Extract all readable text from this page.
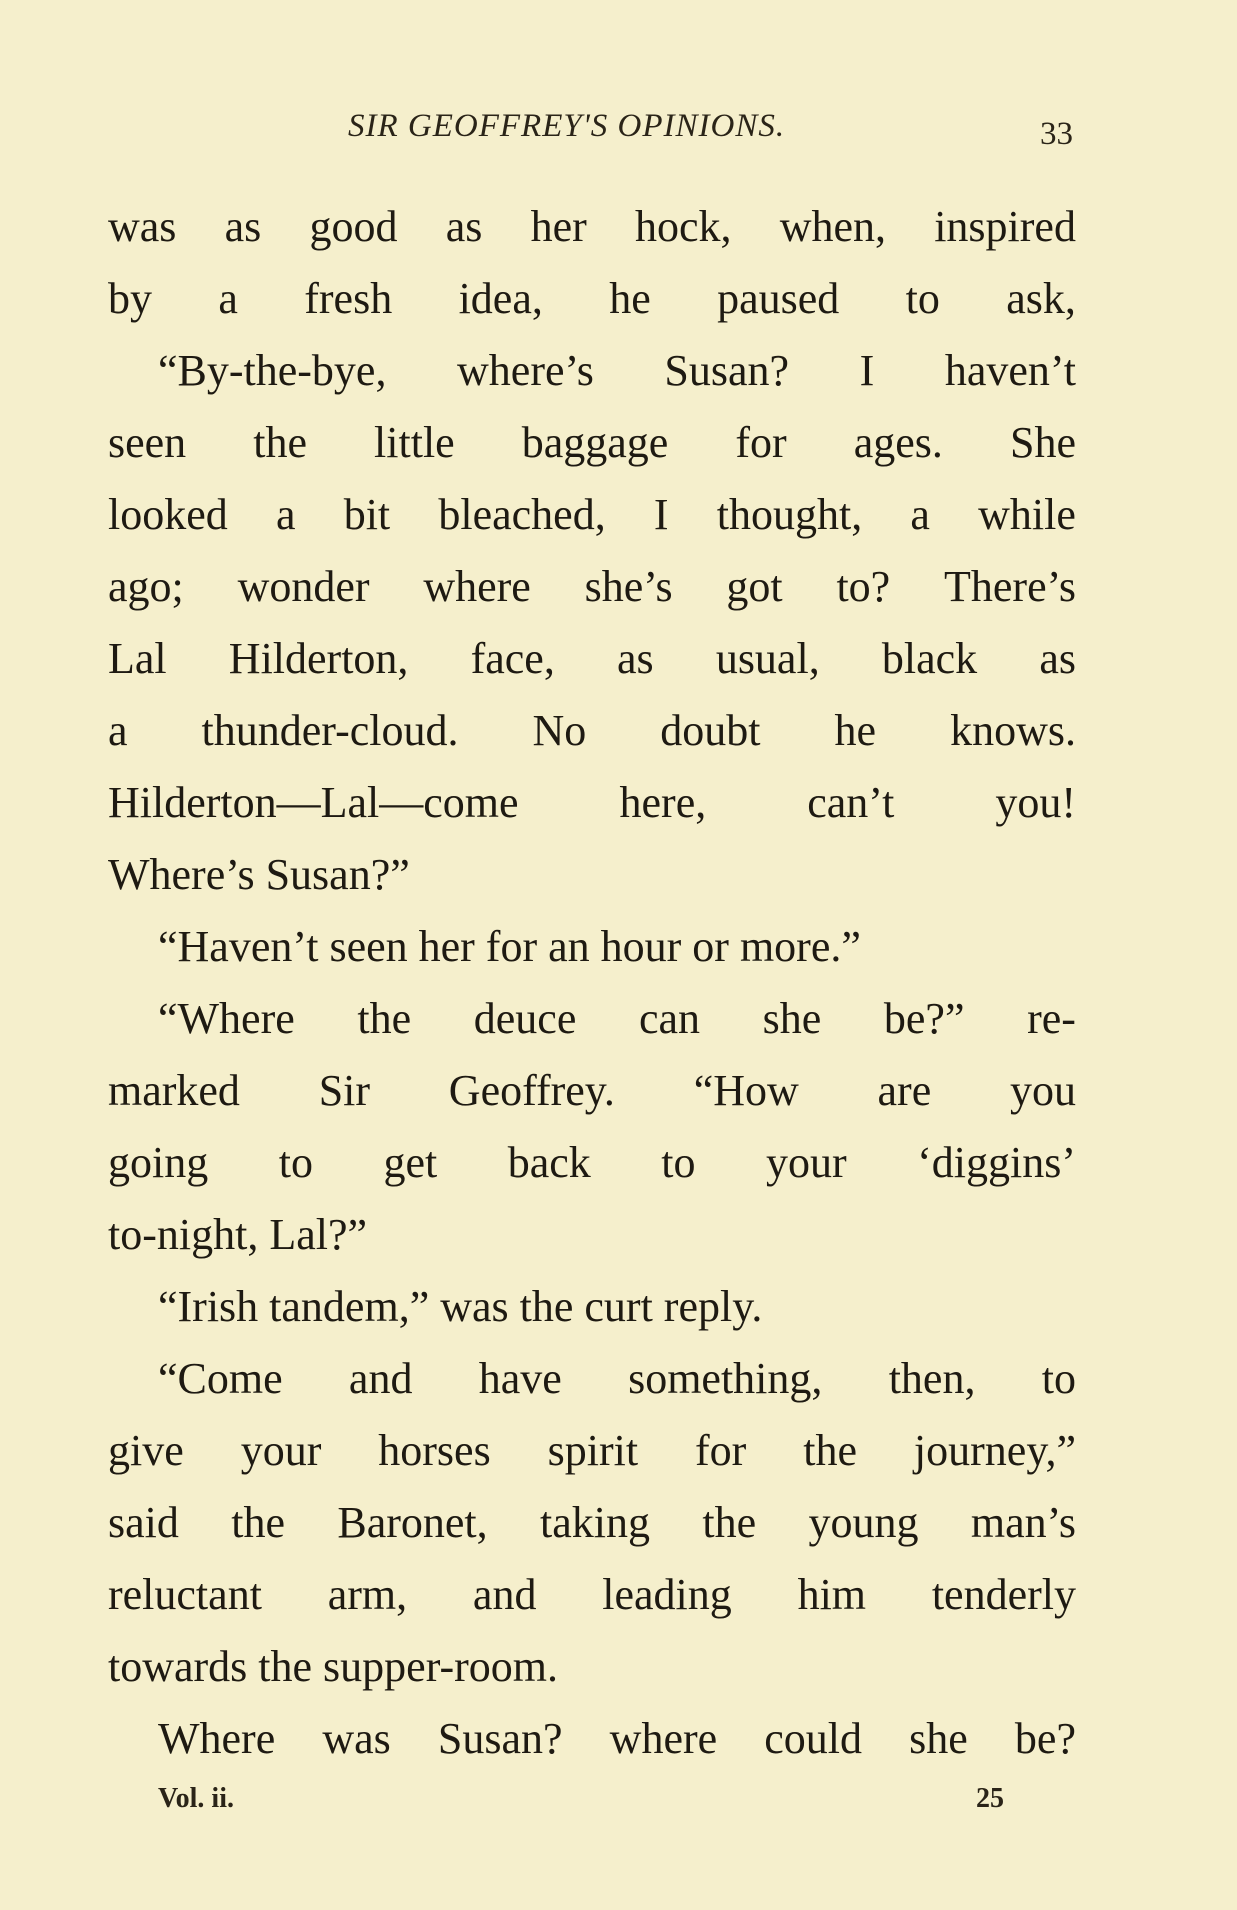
SIR GEOFFREY'S OPINIONS.	33
was as good as her hock, when, inspired
by a fresh idea, he paused to ask,
“By-the-bye, where’s Susan? I haven’t
seen the little baggage for ages. She
looked a bit bleached, I thought, a while
ago; wonder where she’s got to? There’s
Lal Hilderton, face, as usual, black as
a thunder-cloud. No doubt he knows.
Hilderton—Lal—come here, can’t you!
Where’s Susan?”
“Haven’t seen her for an hour or more.”
“Where the deuce can she be?” re-
marked Sir Geoffrey. “How are you
going to get back to your ‘diggins’
to-night, Lal?”
“Irish tandem,” was the curt reply.
“Come and have something, then, to
give your horses spirit for the journey,”
said the Baronet, taking the young man’s
reluctant arm, and leading him tenderly
towards the supper-room.
Where was Susan? where could she be?
Vol. ii.	25
